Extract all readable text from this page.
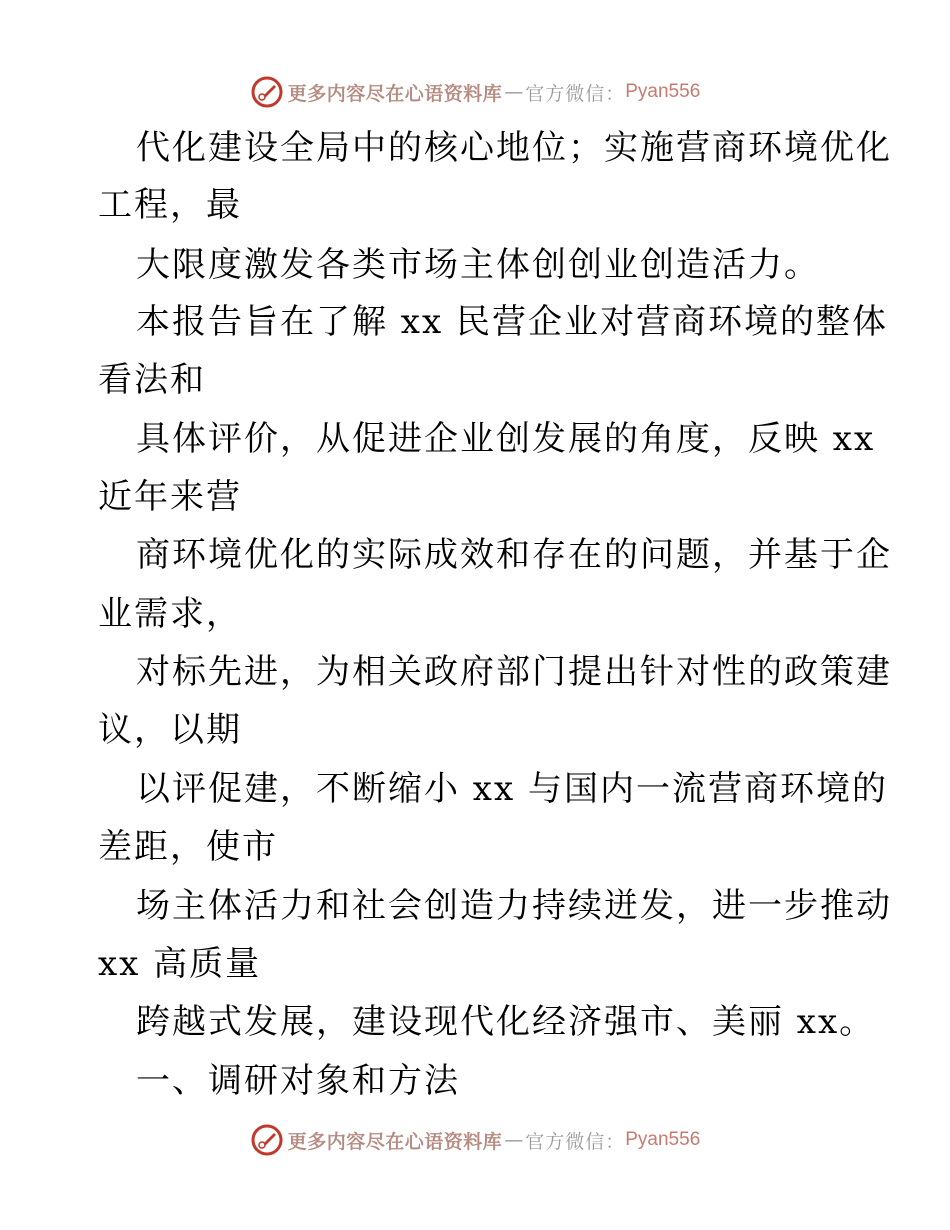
更多内容尽在心语资料库 — 官方微信： Pyan556
代化建设全局中的核心地位；实施营商环境优化
工程，最
大限度激发各类市场主体创创业创造活力。
本报告旨在了解 xx 民营企业对营商环境的整体
看法和
具体评价，从促进企业创发展的角度，反映 xx
近年来营
商环境优化的实际成效和存在的问题，并基于企
业需求，
对标先进，为相关政府部门提出针对性的政策建
议，以期
以评促建，不断缩小 xx 与国内一流营商环境的
差距，使市
场主体活力和社会创造力持续迸发，进一步推动
xx 高质量
跨越式发展，建设现代化经济强市、美丽 xx。
一、调研对象和方法
更多内容尽在心语资料库 — 官方微信： Pyan556
